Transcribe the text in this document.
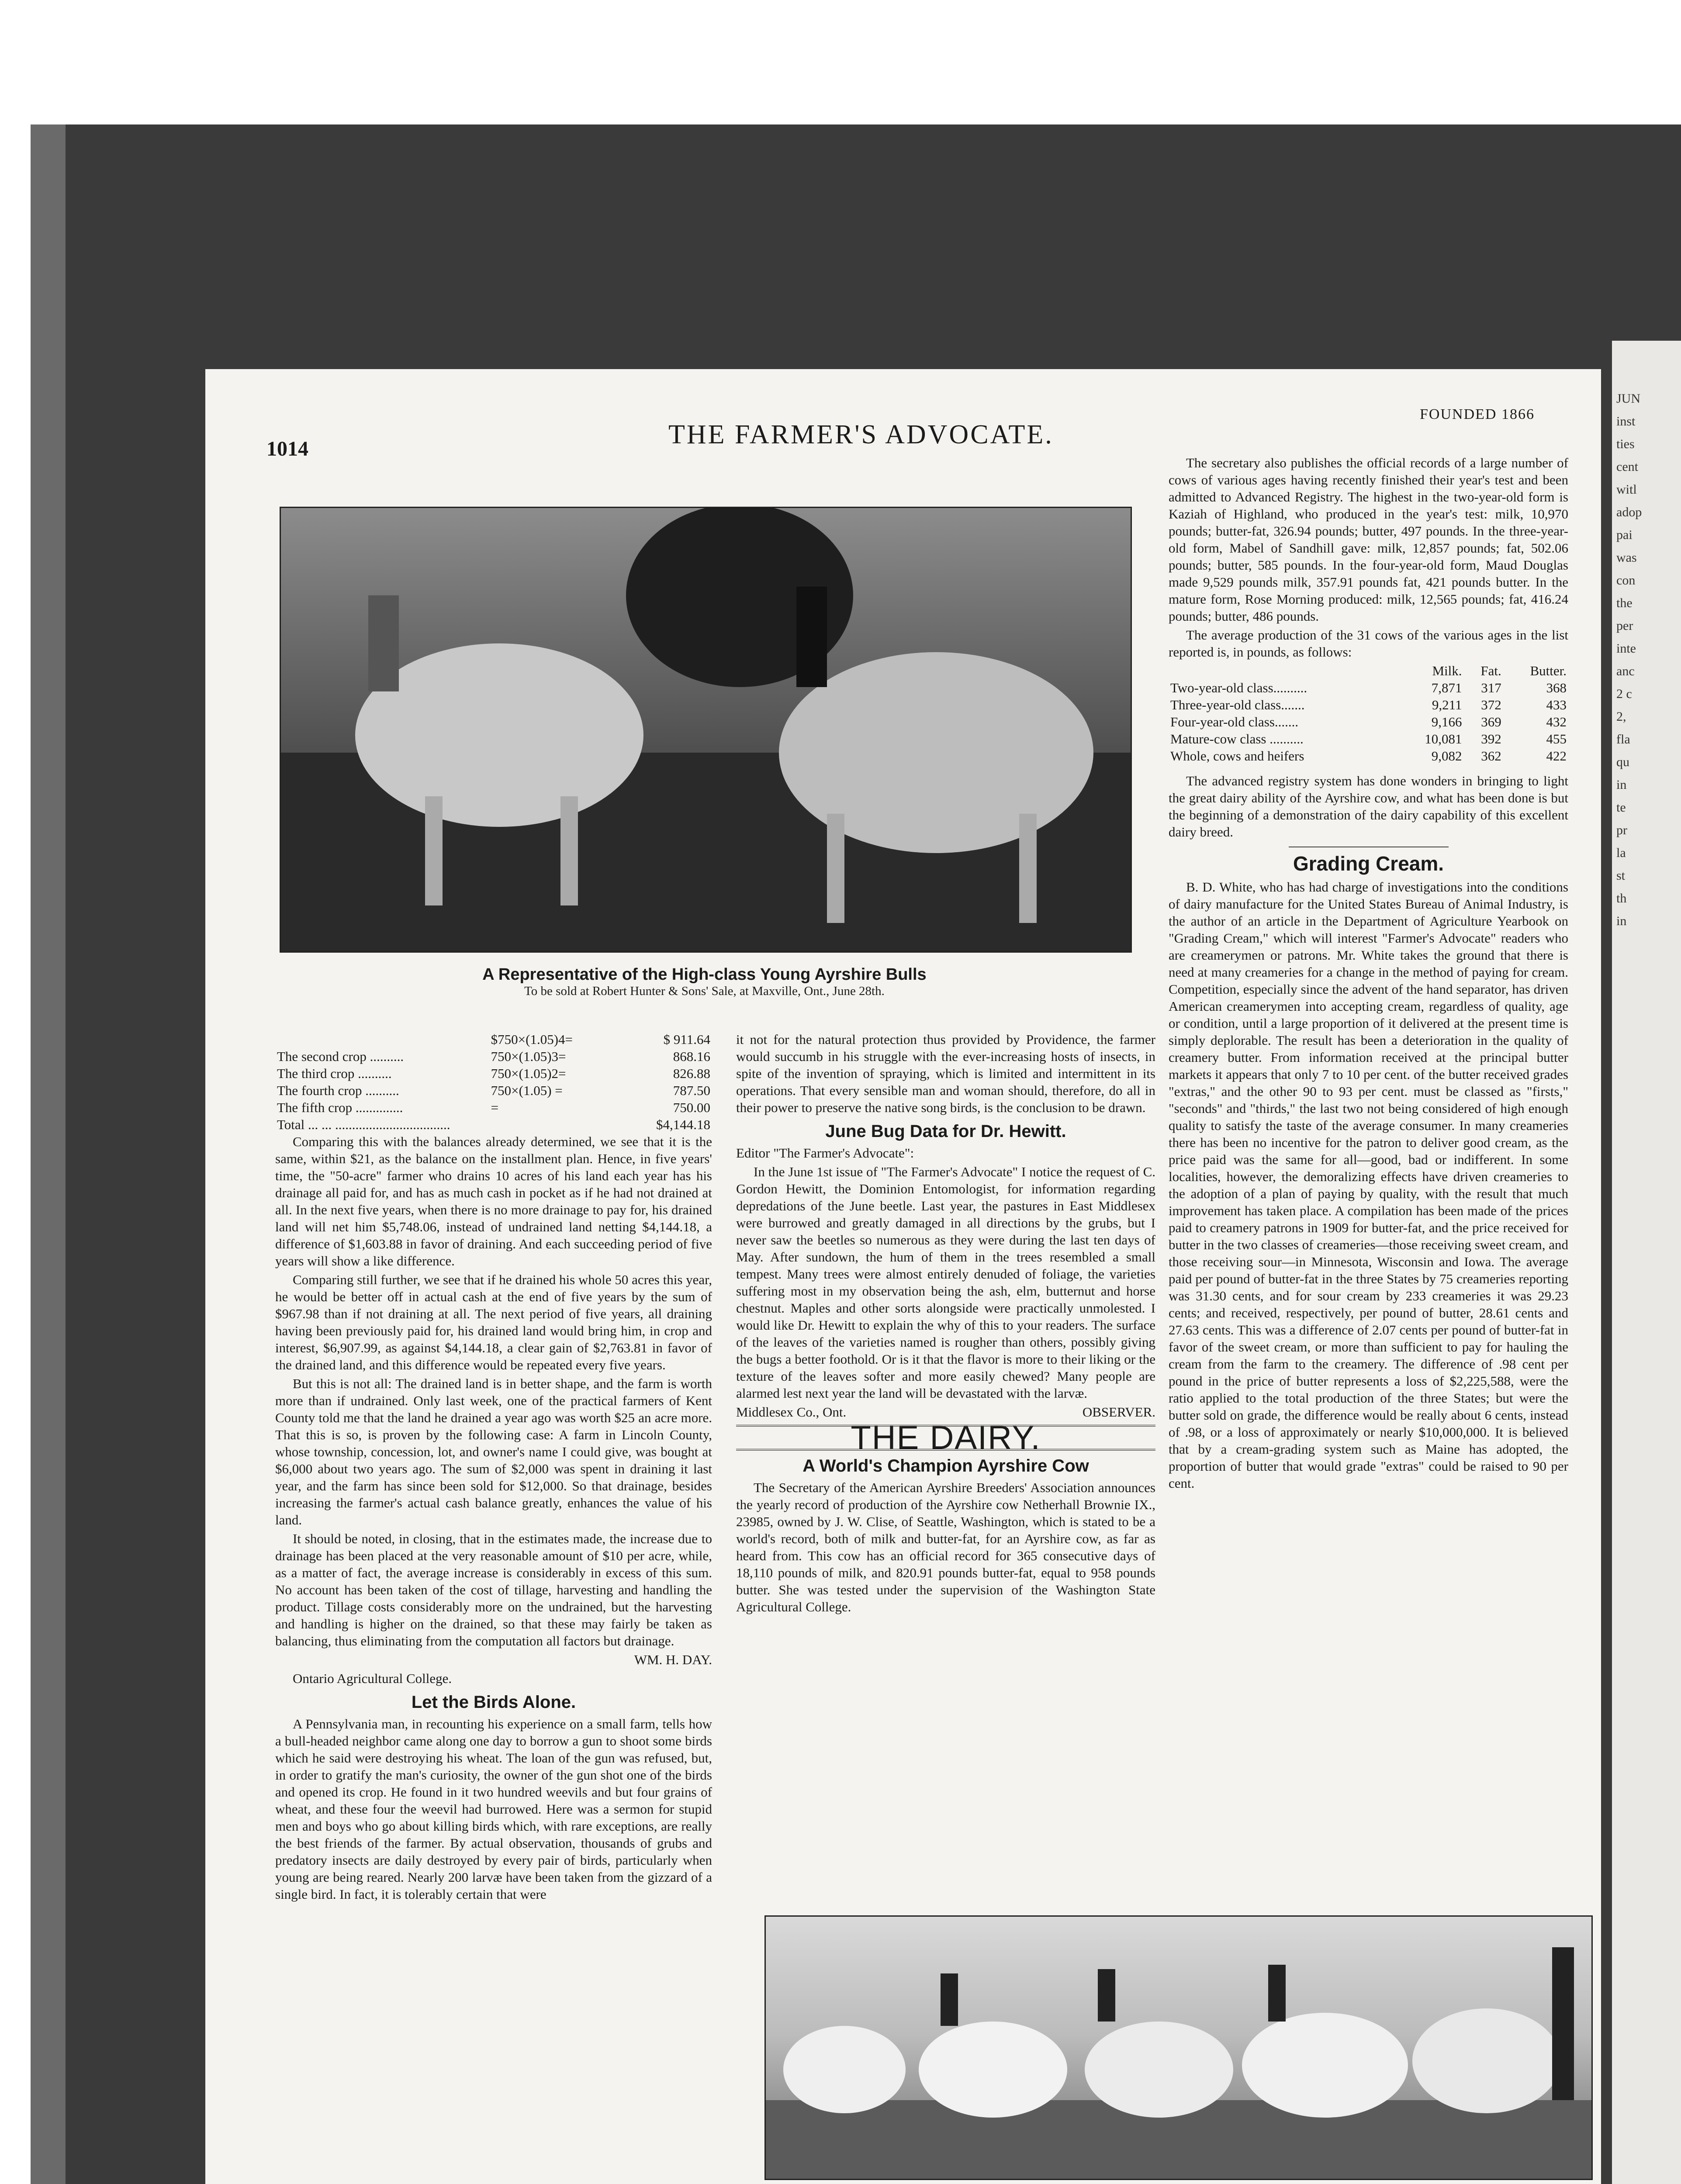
JUN
inst
ties
cent
witl
adop
pai
was
con
the
per
inte
anc
2 c
2,
fla
qu
in
te
pr
la
st
th
in
1014	THE FARMER'S ADVOCATE.
FOUNDED 1866
A Representative of the High-class Young Ayrshire Bulls
To be sold at Robert Hunter & Sons' Sale, at Maxville, Ont., June 28th.
	$750×(1.05)4=	$ 911.64
The second crop ..........	750×(1.05)3=	868.16
The third crop ..........	750×(1.05)2=	826.88
The fourth crop ..........	750×(1.05) =	787.50
The fifth crop ..............	=	750.00
Total ... ... ..................................	$4,144.18

Comparing this with the balances already determined, we see that it is the same, within $21, as the balance on the installment plan. Hence, in five years' time, the "50-acre" farmer who drains 10 acres of his land each year has his drainage all paid for, and has as much cash in pocket as if he had not drained at all. In the next five years, when there is no more drainage to pay for, his drained land will net him $5,748.06, instead of undrained land netting $4,144.18, a difference of $1,603.88 in favor of draining. And each succeeding period of five years will show a like difference.

Comparing still further, we see that if he drained his whole 50 acres this year, he would be better off in actual cash at the end of five years by the sum of $967.98 than if not draining at all. The next period of five years, all draining having been previously paid for, his drained land would bring him, in crop and interest, $6,907.99, as against $4,144.18, a clear gain of $2,763.81 in favor of the drained land, and this difference would be repeated every five years.

But this is not all: The drained land is in better shape, and the farm is worth more than if undrained. Only last week, one of the practical farmers of Kent County told me that the land he drained a year ago was worth $25 an acre more. That this is so, is proven by the following case: A farm in Lincoln County, whose township, concession, lot, and owner's name I could give, was bought at $6,000 about two years ago. The sum of $2,000 was spent in draining it last year, and the farm has since been sold for $12,000. So that drainage, besides increasing the farmer's actual cash balance greatly, enhances the value of his land.

It should be noted, in closing, that in the estimates made, the increase due to drainage has been placed at the very reasonable amount of $10 per acre, while, as a matter of fact, the average increase is considerably in excess of this sum. No account has been taken of the cost of tillage, harvesting and handling the product. Tillage costs considerably more on the undrained, but the harvesting and handling is higher on the drained, so that these may fairly be taken as balancing, thus eliminating from the computation all factors but drainage.

WM. H. DAY.

Ontario Agricultural College.

Let the Birds Alone.

A Pennsylvania man, in recounting his experience on a small farm, tells how a bull-headed neighbor came along one day to borrow a gun to shoot some birds which he said were destroying his wheat. The loan of the gun was refused, but, in order to gratify the man's curiosity, the owner of the gun shot one of the birds and opened its crop. He found in it two hundred weevils and but four grains of wheat, and these four the weevil had burrowed. Here was a sermon for stupid men and boys who go about killing birds which, with rare exceptions, are really the best friends of the farmer. By actual observation, thousands of grubs and predatory insects are daily destroyed by every pair of birds, particularly when young are being reared. Nearly 200 larvæ have been taken from the gizzard of a single bird. In fact, it is tolerably certain that were

it not for the natural protection thus provided by Providence, the farmer would succumb in his struggle with the ever-increasing hosts of insects, in spite of the invention of spraying, which is limited and intermittent in its operations. That every sensible man and woman should, therefore, do all in their power to preserve the native song birds, is the conclusion to be drawn.

June Bug Data for Dr. Hewitt.

Editor "The Farmer's Advocate":

In the June 1st issue of "The Farmer's Advocate" I notice the request of C. Gordon Hewitt, the Dominion Entomologist, for information regarding depredations of the June beetle. Last year, the pastures in East Middlesex were burrowed and greatly damaged in all directions by the grubs, but I never saw the beetles so numerous as they were during the last ten days of May. After sundown, the hum of them in the trees resembled a small tempest. Many trees were almost entirely denuded of foliage, the varieties suffering most in my observation being the ash, elm, butternut and horse chestnut. Maples and other sorts alongside were practically unmolested. I would like Dr. Hewitt to explain the why of this to your readers. The surface of the leaves of the varieties named is rougher than others, possibly giving the bugs a better foothold. Or is it that the flavor is more to their liking or the texture of the leaves softer and more easily chewed? Many people are alarmed lest next year the land will be devastated with the larvæ.

Middlesex Co., Ont.	OBSERVER.
THE DAIRY.
A World's Champion Ayrshire Cow

The Secretary of the American Ayrshire Breeders' Association announces the yearly record of production of the Ayrshire cow Netherhall Brownie IX., 23985, owned by J. W. Clise, of Seattle, Washington, which is stated to be a world's record, both of milk and butter-fat, for an Ayrshire cow, as far as heard from. This cow has an official record for 365 consecutive days of 18,110 pounds of milk, and 820.91 pounds butter-fat, equal to 958 pounds butter. She was tested under the supervision of the Washington State Agricultural College.

The secretary also publishes the official records of a large number of cows of various ages having recently finished their year's test and been admitted to Advanced Registry. The highest in the two-year-old form is Kaziah of Highland, who produced in the year's test: milk, 10,970 pounds; butter-fat, 326.94 pounds; butter, 497 pounds. In the three-year-old form, Mabel of Sandhill gave: milk, 12,857 pounds; fat, 502.06 pounds; butter, 585 pounds. In the four-year-old form, Maud Douglas made 9,529 pounds milk, 357.91 pounds fat, 421 pounds butter. In the mature form, Rose Morning produced: milk, 12,565 pounds; fat, 416.24 pounds; butter, 486 pounds.

The average production of the 31 cows of the various ages in the list reported is, in pounds, as follows:

	Milk.	Fat.	Butter.
Two-year-old class..........	7,871	317	368
Three-year-old class.......	9,211	372	433
Four-year-old class.......	9,166	369	432
Mature-cow class ..........	10,081	392	455
Whole, cows and heifers	9,082	362	422

The advanced registry system has done wonders in bringing to light the great dairy ability of the Ayrshire cow, and what has been done is but the beginning of a demonstration of the dairy capability of this excellent dairy breed.

Grading Cream.

B. D. White, who has had charge of investigations into the conditions of dairy manufacture for the United States Bureau of Animal Industry, is the author of an article in the Department of Agriculture Yearbook on "Grading Cream," which will interest "Farmer's Advocate" readers who are creamerymen or patrons. Mr. White takes the ground that there is need at many creameries for a change in the method of paying for cream. Competition, especially since the advent of the hand separator, has driven American creamerymen into accepting cream, regardless of quality, age or condition, until a large proportion of it delivered at the present time is simply deplorable. The result has been a deterioration in the quality of creamery butter. From information received at the principal butter markets it appears that only 7 to 10 per cent. of the butter received grades "extras," and the other 90 to 93 per cent. must be classed as "firsts," "seconds" and "thirds," the last two not being considered of high enough quality to satisfy the taste of the average consumer. In many creameries there has been no incentive for the patron to deliver good cream, as the price paid was the same for all—good, bad or indifferent. In some localities, however, the demoralizing effects have driven creameries to the adoption of a plan of paying by quality, with the result that much improvement has taken place. A compilation has been made of the prices paid to creamery patrons in 1909 for butter-fat, and the price received for butter in the two classes of creameries—those receiving sweet cream, and those receiving sour—in Minnesota, Wisconsin and Iowa. The average paid per pound of butter-fat in the three States by 75 creameries reporting was 31.30 cents, and for sour cream by 233 creameries it was 29.23 cents; and received, respectively, per pound of butter, 28.61 cents and 27.63 cents. This was a difference of 2.07 cents per pound of butter-fat in favor of the sweet cream, or more than sufficient to pay for hauling the cream from the farm to the creamery. The difference of .98 cent per pound in the price of butter represents a loss of $2,225,588, were the ratio applied to the total production of the three States; but were the butter sold on grade, the difference would be really about 6 cents, instead of .98, or a loss of approximately or nearly $10,000,000. It is believed that by a cream-grading system such as Maine has adopted, the proportion of butter that would grade "extras" could be raised to 90 per cent.
